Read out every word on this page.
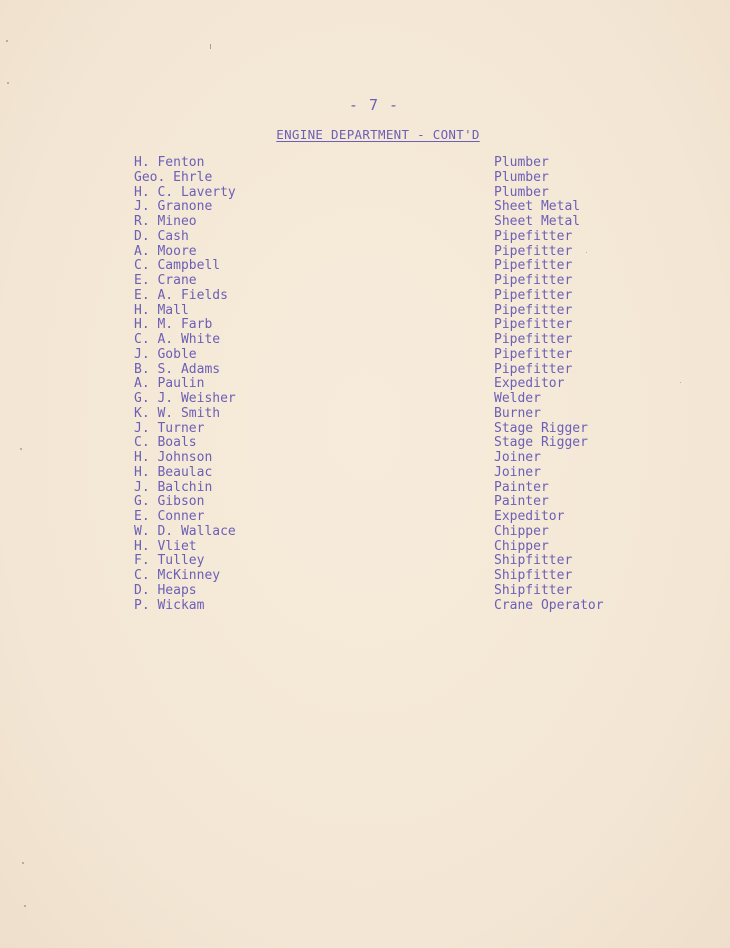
- 7 -
ENGINE DEPARTMENT - CONT'D
H. Fenton	Plumber
Geo. Ehrle	Plumber
H. C. Laverty	Plumber
J. Granone	Sheet Metal
R. Mineo	Sheet Metal
D. Cash	Pipefitter
A. Moore	Pipefitter
C. Campbell	Pipefitter
E. Crane	Pipefitter
E. A. Fields	Pipefitter
H. Mall	Pipefitter
H. M. Farb	Pipefitter
C. A. White	Pipefitter
J. Goble	Pipefitter
B. S. Adams	Pipefitter
A. Paulin	Expeditor
G. J. Weisher	Welder
K. W. Smith	Burner
J. Turner	Stage Rigger
C. Boals	Stage Rigger
H. Johnson	Joiner
H. Beaulac	Joiner
J. Balchin	Painter
G. Gibson	Painter
E. Conner	Expeditor
W. D. Wallace	Chipper
H. Vliet	Chipper
F. Tulley	Shipfitter
C. McKinney	Shipfitter
D. Heaps	Shipfitter
P. Wickam	Crane Operator
